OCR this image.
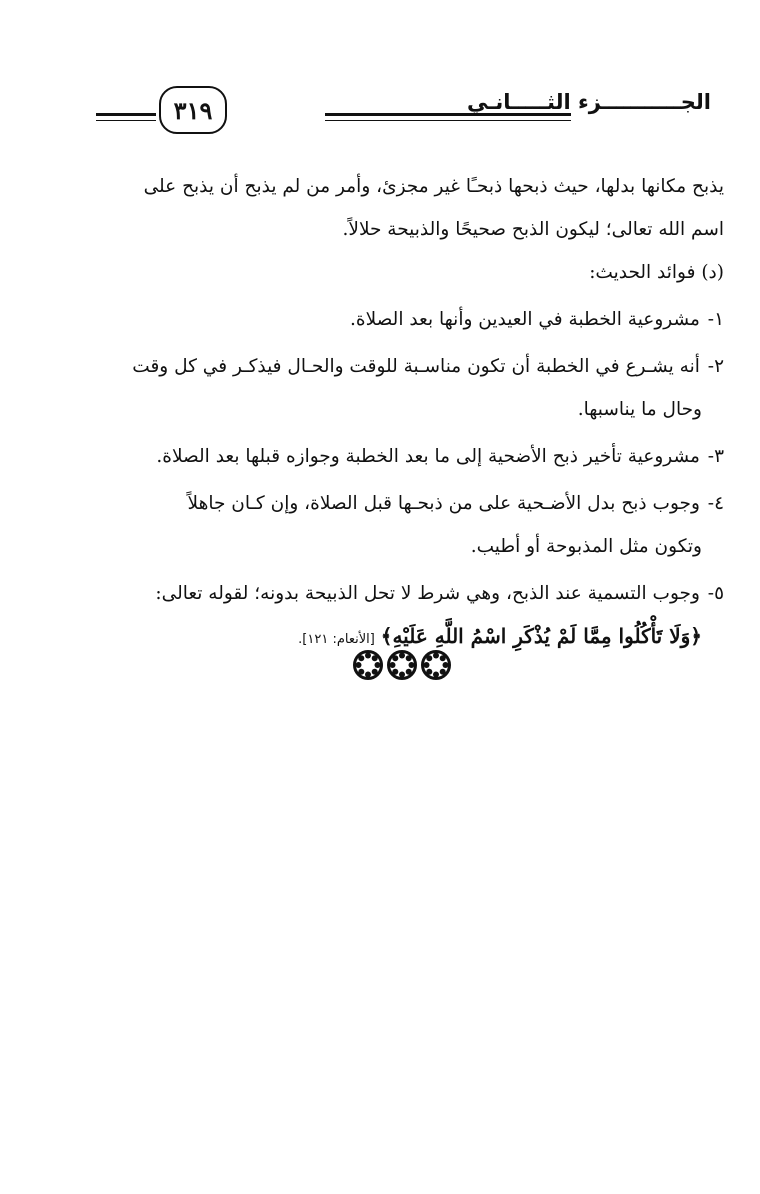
الجـــــــــــزء الثـــــانـي
٣١٩

يذبح مكانها بدلها، حيث ذبحها ذبحـًا غير مجزئ، وأمر من لم يذبح أن يذبح على
اسم الله تعالى؛ ليكون الذبح صحيحًا والذبيحة حلالاً.

(د) فوائد الحديث:

١- مشروعية الخطبة في العيدين وأنها بعد الصلاة.
٢- أنه يشـرع في الخطبة أن تكون مناسـبة للوقت والحـال فيذكـر في كل وقت
وحال ما يناسبها.
٣- مشروعية تأخير ذبح الأضحية إلى ما بعد الخطبة وجوازه قبلها بعد الصلاة.
٤- وجوب ذبح بدل الأضـحية على من ذبحـها قبل الصلاة، وإن كـان جاهلاً
وتكون مثل المذبوحة أو أطيب.
٥- وجوب التسمية عند الذبح، وهي شرط لا تحل الذبيحة بدونه؛ لقوله تعالى:
﴿وَلَا تَأْكُلُوا مِمَّا لَمْ يُذْكَرِ اسْمُ اللَّهِ عَلَيْهِ﴾ [الأنعام: ١٢١].
